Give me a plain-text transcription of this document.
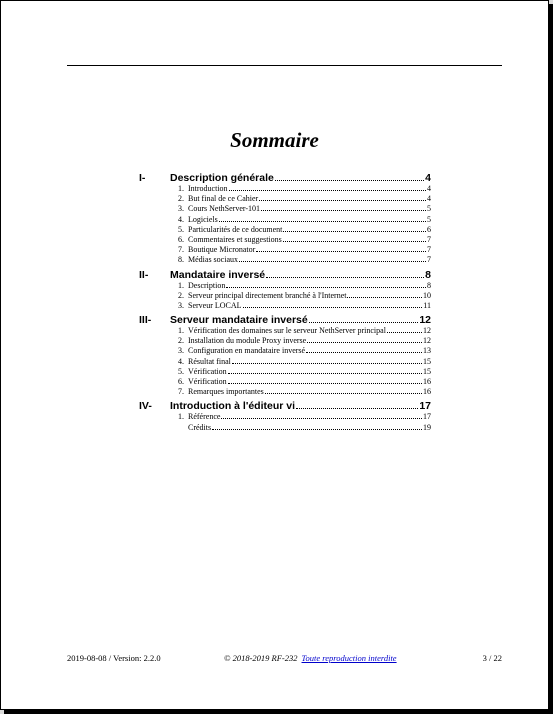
Sommaire
I- Description générale	4
1. Introduction	4
2. But final de ce Cahier	4
3. Cours NethServer-101	5
4. Logiciels	5
5. Particularités de ce document	6
6. Commentaires et suggestions	7
7. Boutique Micronator	7
8. Médias sociaux	7
II- Mandataire inversé	8
1. Description	8
2. Serveur principal directement branché à l'Internet	10
3. Serveur LOCAL	11
III- Serveur mandataire inversé	12
1. Vérification des domaines sur le serveur NethServer principal	12
2. Installation du module Proxy inverse	12
3. Configuration en mandataire inversé	13
4. Résultat final	15
5. Vérification	15
6. Vérification	16
7. Remarques importantes	16
IV- Introduction à l'éditeur vi	17
1. Référence	17
Crédits	19
2019-08-08 / Version: 2.2.0	© 2018-2019 RF-232 Toute reproduction interdite	3 / 22
